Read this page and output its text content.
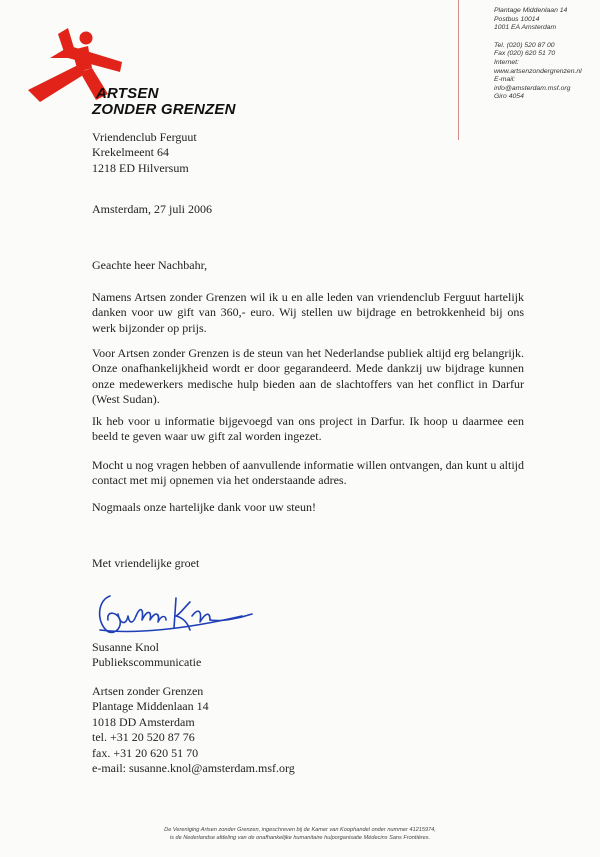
ARTSEN
ZONDER GRENZEN
Plantage Middenlaan 14
Postbus 10014
1001 EA Amsterdam
Tel. (020) 520 87 00
Fax (020) 620 51 70
Internet:
www.artsenzondergrenzen.nl
E-mail:
info@amsterdam.msf.org
Giro 4054
Vriendenclub Ferguut
Krekelmeent 64
1218 ED Hilversum
Amsterdam, 27 juli 2006
Geachte heer Nachbahr,
Namens Artsen zonder Grenzen wil ik u en alle leden van vriendenclub Ferguut hartelijk danken voor uw gift van 360,- euro. Wij stellen uw bijdrage en betrokkenheid bij ons werk bijzonder op prijs.
Voor Artsen zonder Grenzen is de steun van het Nederlandse publiek altijd erg belangrijk. Onze onafhankelijkheid wordt er door gegarandeerd. Mede dankzij uw bijdrage kunnen onze medewerkers medische hulp bieden aan de slachtoffers van het conflict in Darfur (West Sudan).
Ik heb voor u informatie bijgevoegd van ons project in Darfur. Ik hoop u daarmee een beeld te geven waar uw gift zal worden ingezet.
Mocht u nog vragen hebben of aanvullende informatie willen ontvangen, dan kunt u altijd contact met mij opnemen via het onderstaande adres.
Nogmaals onze hartelijke dank voor uw steun!
Met vriendelijke groet
Susanne Knol
Publiekscommunicatie
Artsen zonder Grenzen
Plantage Middenlaan 14
1018 DD Amsterdam
tel. +31 20 520 87 76
fax. +31 20 620 51 70
e-mail: susanne.knol@amsterdam.msf.org
De Vereniging Artsen zonder Grenzen, ingeschreven bij de Kamer van Koophandel onder nummer 41215974,
is de Nederlandse afdeling van de onafhankelijke humanitaire hulporganisatie Médecins Sans Frontières.
